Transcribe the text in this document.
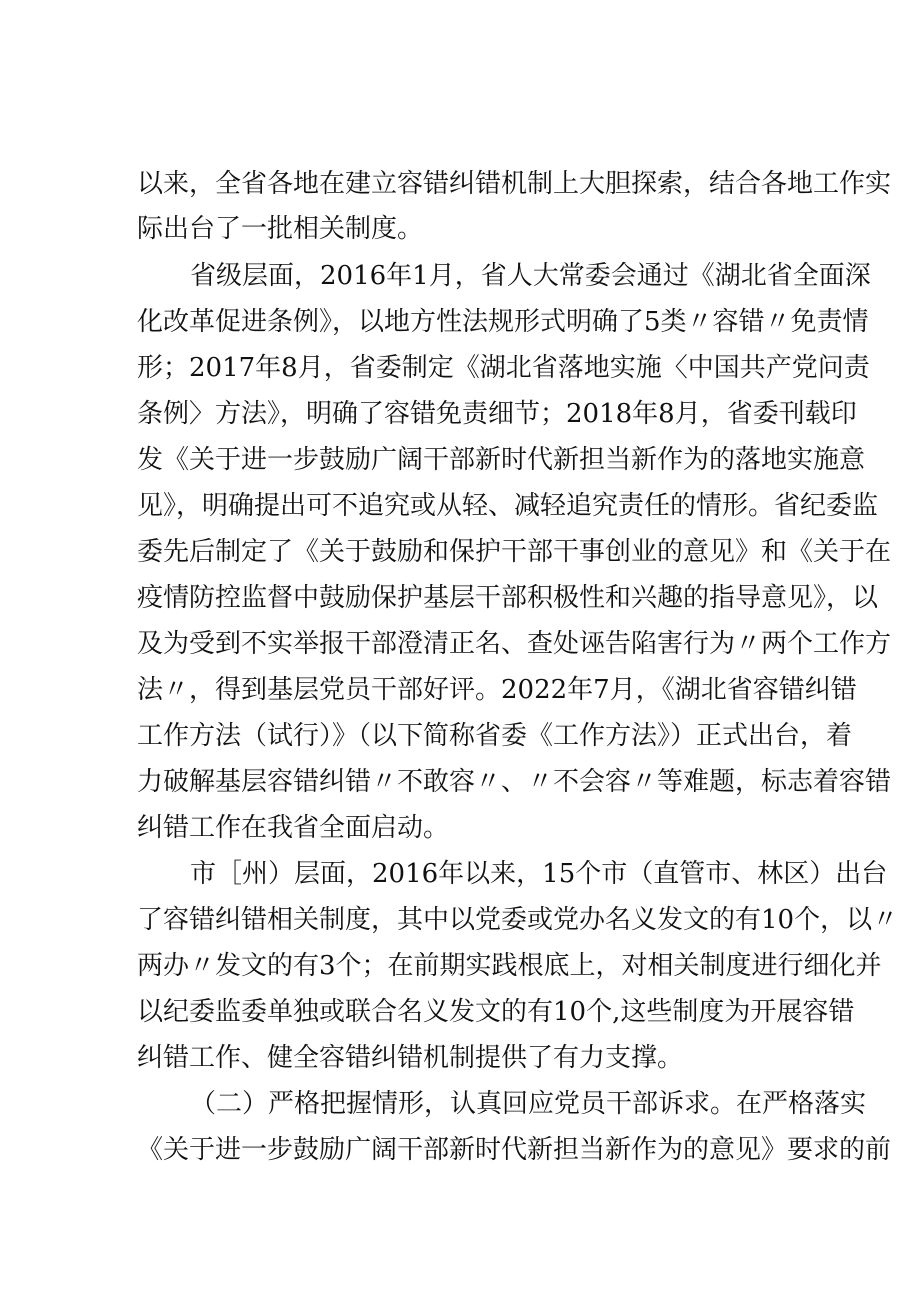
以来，全省各地在建立容错纠错机制上大胆探索，结合各地工作实
际出台了一批相关制度。
省级层面，2016年1月，省人大常委会通过《湖北省全面深
化改革促进条例》，以地方性法规形式明确了5类〃容错〃免责情
形；2017年8月，省委制定《湖北省落地实施〈中国共产党问责
条例〉方法》，明确了容错免责细节；2018年8月，省委刊载印
发《关于进一步鼓励广阔干部新时代新担当新作为的落地实施意
见》，明确提出可不追究或从轻、减轻追究责任的情形。省纪委监
委先后制定了《关于鼓励和保护干部干事创业的意见》和《关于在
疫情防控监督中鼓励保护基层干部积极性和兴趣的指导意见》，以
及为受到不实举报干部澄清正名、查处诬告陷害行为〃两个工作方
法〃，得到基层党员干部好评。2022年7月，《湖北省容错纠错
工作方法（试行）》（以下简称省委《工作方法》）正式出台，着
力破解基层容错纠错〃不敢容〃、〃不会容〃等难题，标志着容错
纠错工作在我省全面启动。
市［州）层面，2016年以来，15个市（直管市、林区）出台
了容错纠错相关制度，其中以党委或党办名义发文的有10个，以〃
两办〃发文的有3个；在前期实践根底上，对相关制度进行细化并
以纪委监委单独或联合名义发文的有10个,这些制度为开展容错
纠错工作、健全容错纠错机制提供了有力支撑。
（二）严格把握情形，认真回应党员干部诉求。在严格落实
《关于进一步鼓励广阔干部新时代新担当新作为的意见》要求的前
